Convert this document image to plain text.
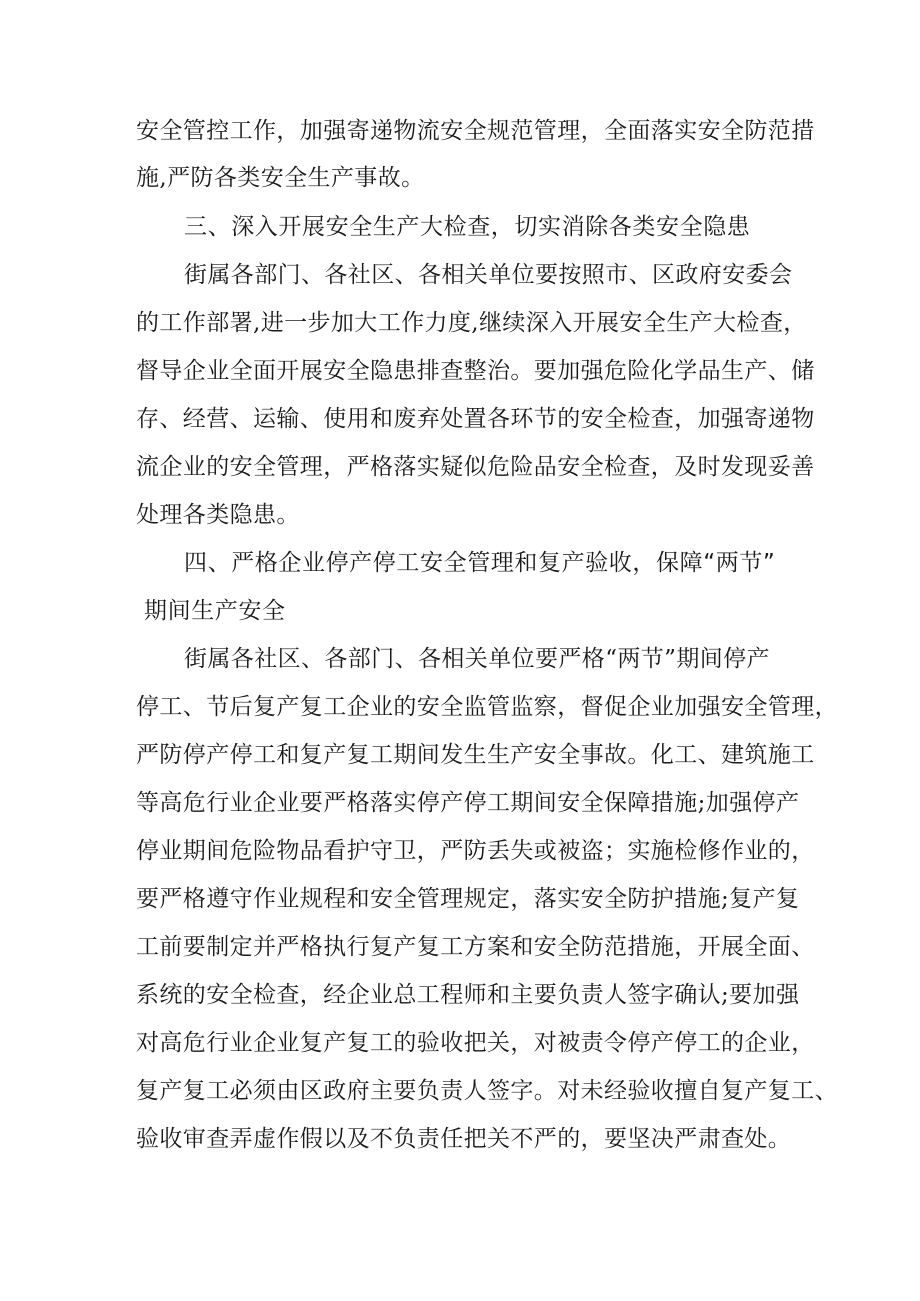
安全管控工作，加强寄递物流安全规范管理，全面落实安全防范措
施,严防各类安全生产事故。
三、深入开展安全生产大检查，切实消除各类安全隐患
街属各部门、各社区、各相关单位要按照市、区政府安委会
的工作部署,进一步加大工作力度,继续深入开展安全生产大检查，
督导企业全面开展安全隐患排查整治。要加强危险化学品生产、储
存、经营、运输、使用和废弃处置各环节的安全检查，加强寄递物
流企业的安全管理，严格落实疑似危险品安全检查，及时发现妥善
处理各类隐患。
四、严格企业停产停工安全管理和复产验收，保障“两节”
期间生产安全
街属各社区、各部门、各相关单位要严格“两节”期间停产
停工、节后复产复工企业的安全监管监察，督促企业加强安全管理，
严防停产停工和复产复工期间发生生产安全事故。化工、建筑施工
等高危行业企业要严格落实停产停工期间安全保障措施;加强停产
停业期间危险物品看护守卫，严防丢失或被盗；实施检修作业的，
要严格遵守作业规程和安全管理规定，落实安全防护措施;复产复
工前要制定并严格执行复产复工方案和安全防范措施，开展全面、
系统的安全检查，经企业总工程师和主要负责人签字确认;要加强
对高危行业企业复产复工的验收把关，对被责令停产停工的企业，
复产复工必须由区政府主要负责人签字。对未经验收擅自复产复工、
验收审查弄虚作假以及不负责任把关不严的，要坚决严肃查处。
